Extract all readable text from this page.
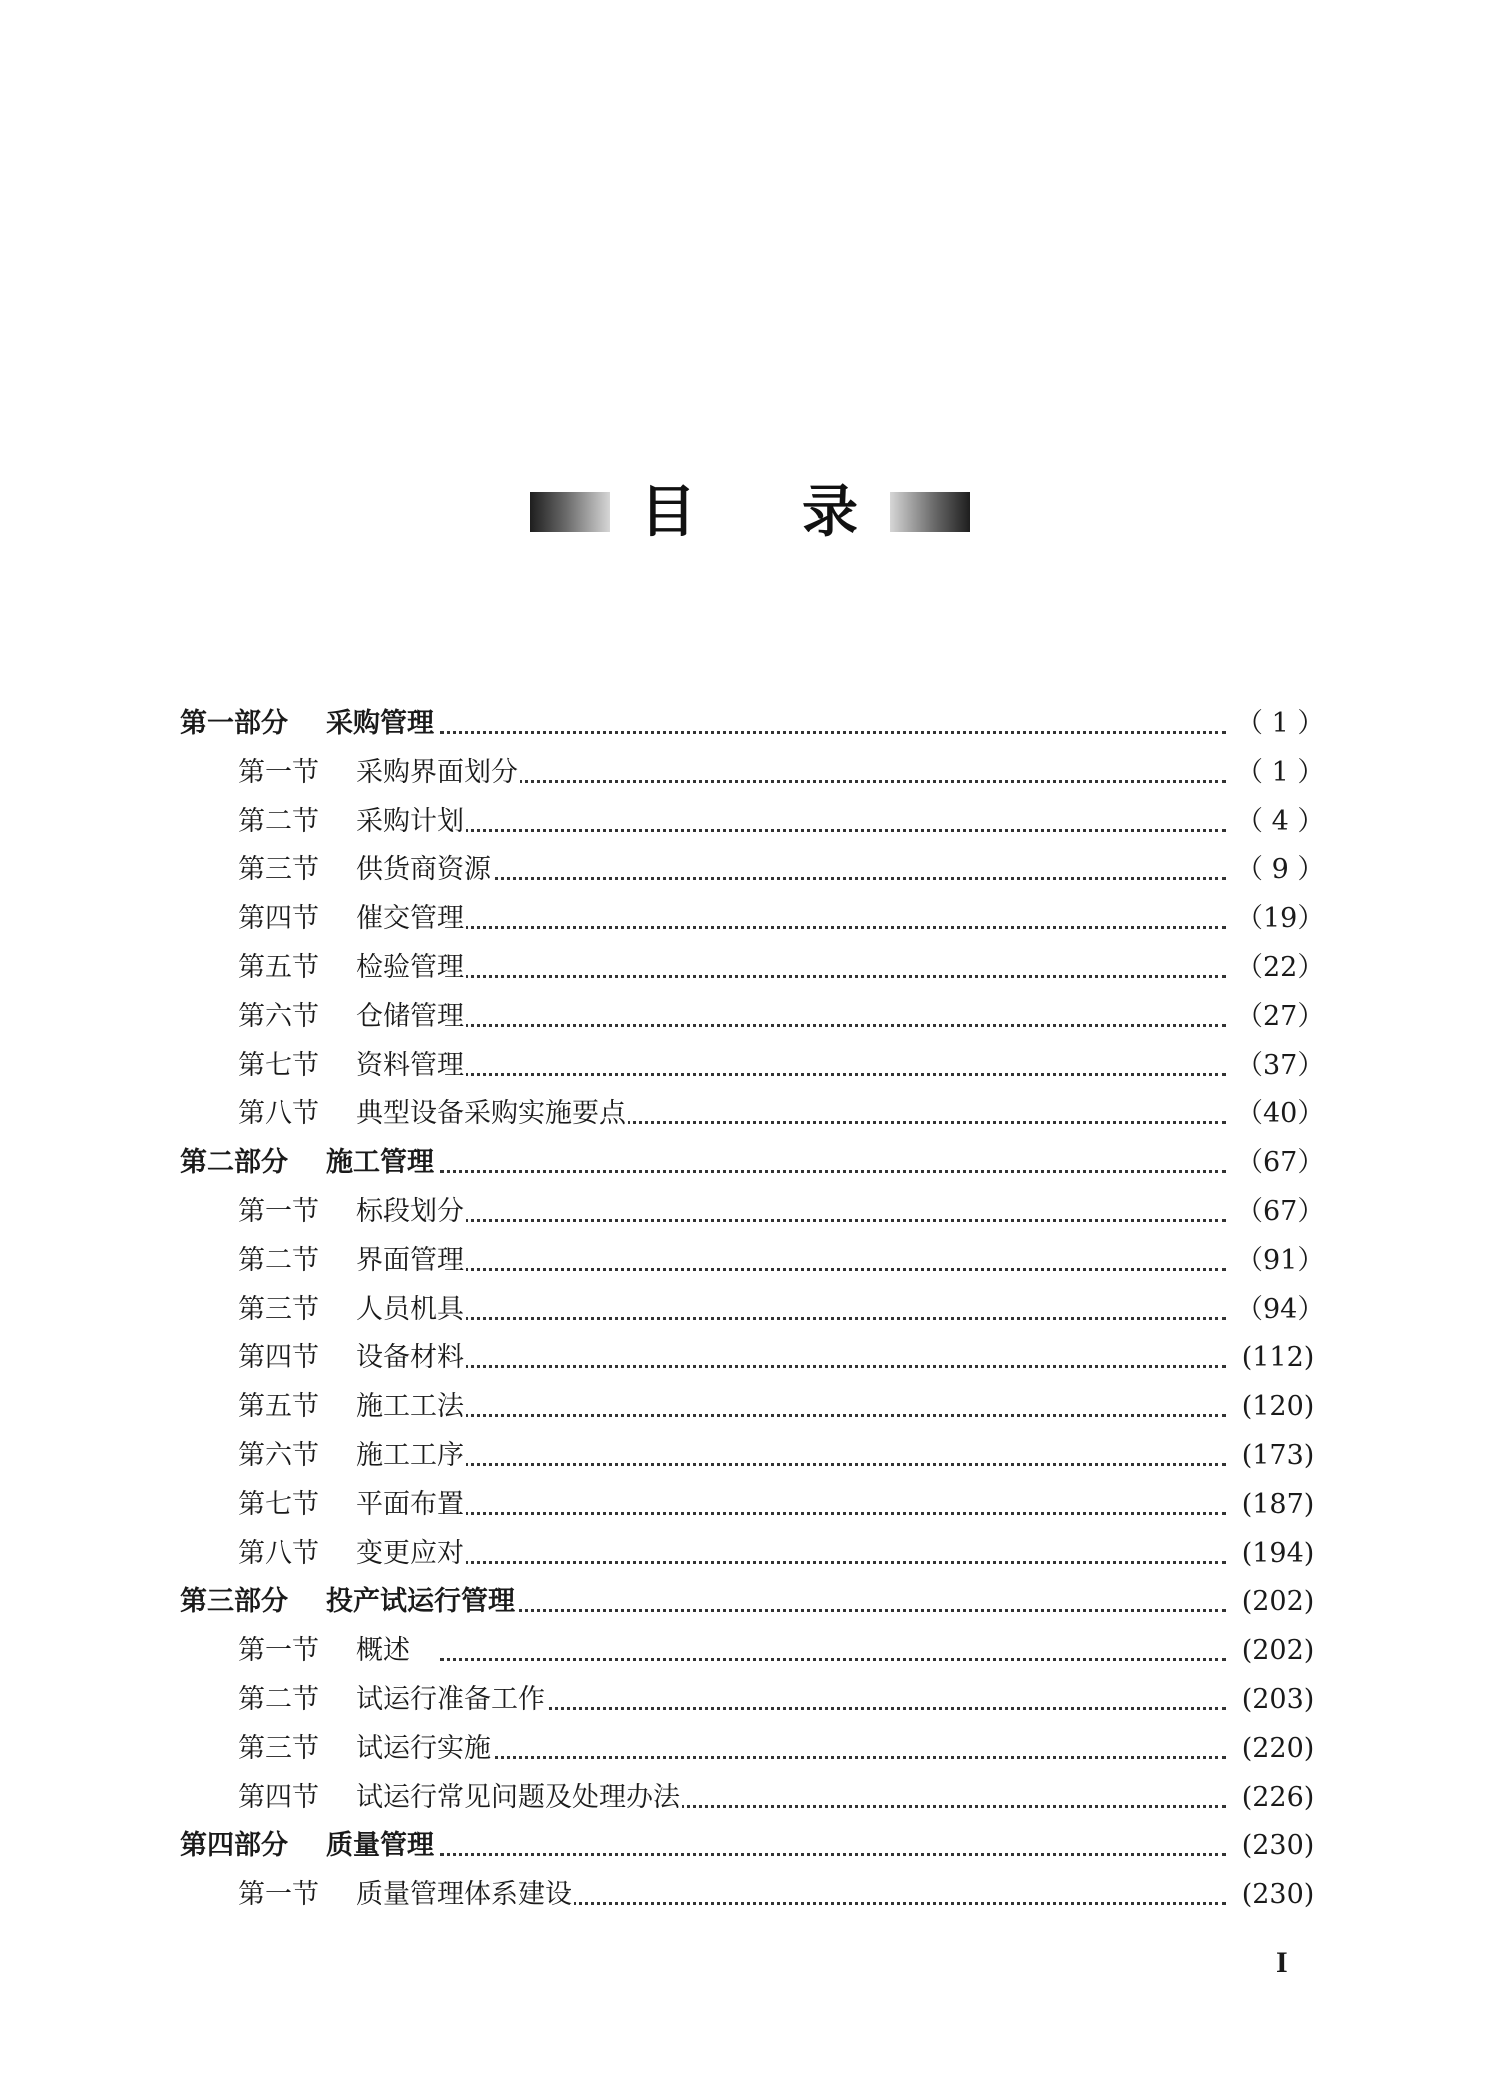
目 录
第一部分 采购管理	（ 1 ）
第一节 采购界面划分	（ 1 ）
第二节 采购计划	（ 4 ）
第三节 供货商资源	（ 9 ）
第四节 催交管理	（19）
第五节 检验管理	（22）
第六节 仓储管理	（27）
第七节 资料管理	（37）
第八节 典型设备采购实施要点	（40）
第二部分 施工管理	（67）
第一节 标段划分	（67）
第二节 界面管理	（91）
第三节 人员机具	（94）
第四节 设备材料	(112)
第五节 施工工法	(120)
第六节 施工工序	(173)
第七节 平面布置	(187)
第八节 变更应对	(194)
第三部分 投产试运行管理	(202)
第一节 概述	(202)
第二节 试运行准备工作	(203)
第三节 试运行实施	(220)
第四节 试运行常见问题及处理办法	(226)
第四部分 质量管理	(230)
第一节 质量管理体系建设	(230)
I
